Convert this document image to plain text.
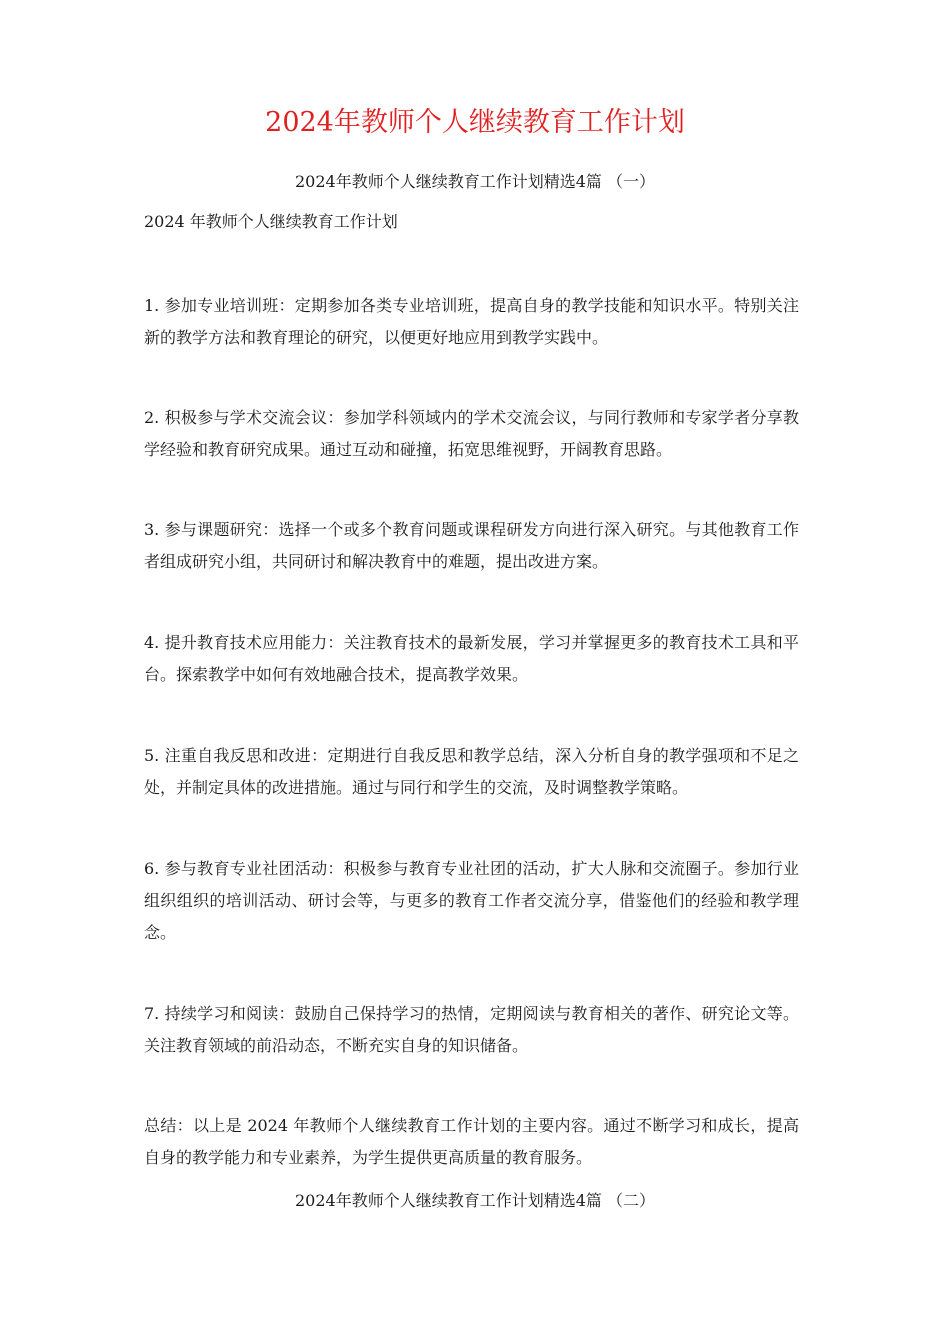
2024年教师个人继续教育工作计划

2024年教师个人继续教育工作计划精选4篇 （一）

2024 年教师个人继续教育工作计划

1. 参加专业培训班：定期参加各类专业培训班，提高自身的教学技能和知识水平。特别关注新的教学方法和教育理论的研究，以便更好地应用到教学实践中。

2. 积极参与学术交流会议：参加学科领域内的学术交流会议，与同行教师和专家学者分享教学经验和教育研究成果。通过互动和碰撞，拓宽思维视野，开阔教育思路。

3. 参与课题研究：选择一个或多个教育问题或课程研发方向进行深入研究。与其他教育工作者组成研究小组，共同研讨和解决教育中的难题，提出改进方案。

4. 提升教育技术应用能力：关注教育技术的最新发展，学习并掌握更多的教育技术工具和平台。探索教学中如何有效地融合技术，提高教学效果。

5. 注重自我反思和改进：定期进行自我反思和教学总结，深入分析自身的教学强项和不足之处，并制定具体的改进措施。通过与同行和学生的交流，及时调整教学策略。

6. 参与教育专业社团活动：积极参与教育专业社团的活动，扩大人脉和交流圈子。参加行业组织组织的培训活动、研讨会等，与更多的教育工作者交流分享，借鉴他们的经验和教学理念。

7. 持续学习和阅读：鼓励自己保持学习的热情，定期阅读与教育相关的著作、研究论文等。关注教育领域的前沿动态，不断充实自身的知识储备。

总结：以上是 2024 年教师个人继续教育工作计划的主要内容。通过不断学习和成长，提高自身的教学能力和专业素养，为学生提供更高质量的教育服务。

2024年教师个人继续教育工作计划精选4篇 （二）
